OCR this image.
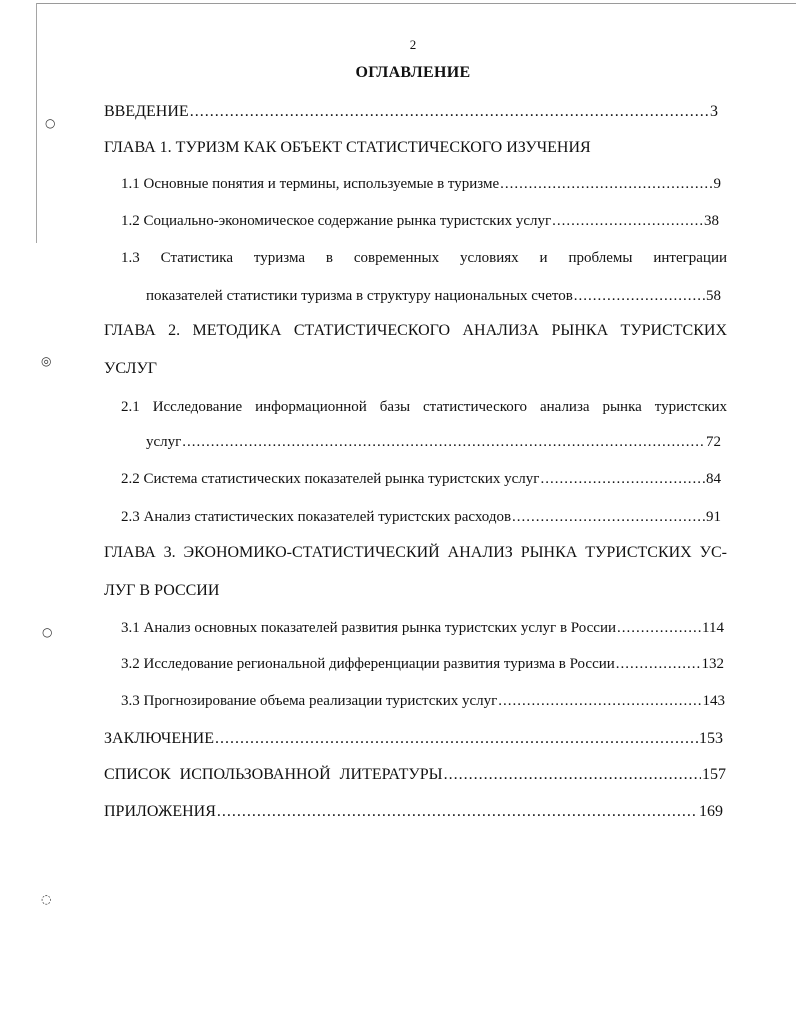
○
◎
○
◌
2
ОГЛАВЛЕНИЕ
ВВЕДЕНИЕ .....	3
ГЛАВА 1. ТУРИЗМ КАК ОБЪЕКТ СТАТИСТИЧЕСКОГО ИЗУЧЕНИЯ
1.1 Основные понятия и термины, используемые в туризме .....	9
1.2 Социально-экономическое содержание рынка туристских услуг .....	38
1.3 Статистика туризма в современных условиях и проблемы интеграции
показателей статистики туризма в структуру национальных счетов .....	58
ГЛАВА 2. МЕТОДИКА СТАТИСТИЧЕСКОГО АНАЛИЗА РЫНКА ТУРИСТСКИХ
УСЛУГ
2.1 Исследование информационной базы статистического анализа рынка туристских
услуг .....	72
2.2 Система статистических показателей рынка туристских услуг .....	84
2.3 Анализ статистических показателей туристских расходов .....	91
ГЛАВА 3. ЭКОНОМИКО-СТАТИСТИЧЕСКИЙ АНАЛИЗ РЫНКА ТУРИСТСКИХ УС-
ЛУГ В РОССИИ
3.1 Анализ основных показателей развития рынка туристских услуг в России .....	114
3.2 Исследование региональной дифференциации развития туризма в России .....	132
3.3 Прогнозирование объема реализации туристских услуг .....	143
ЗАКЛЮЧЕНИЕ .....	153
СПИСОК ИСПОЛЬЗОВАННОЙ ЛИТЕРАТУРЫ .....	157
ПРИЛОЖЕНИЯ .....	169
